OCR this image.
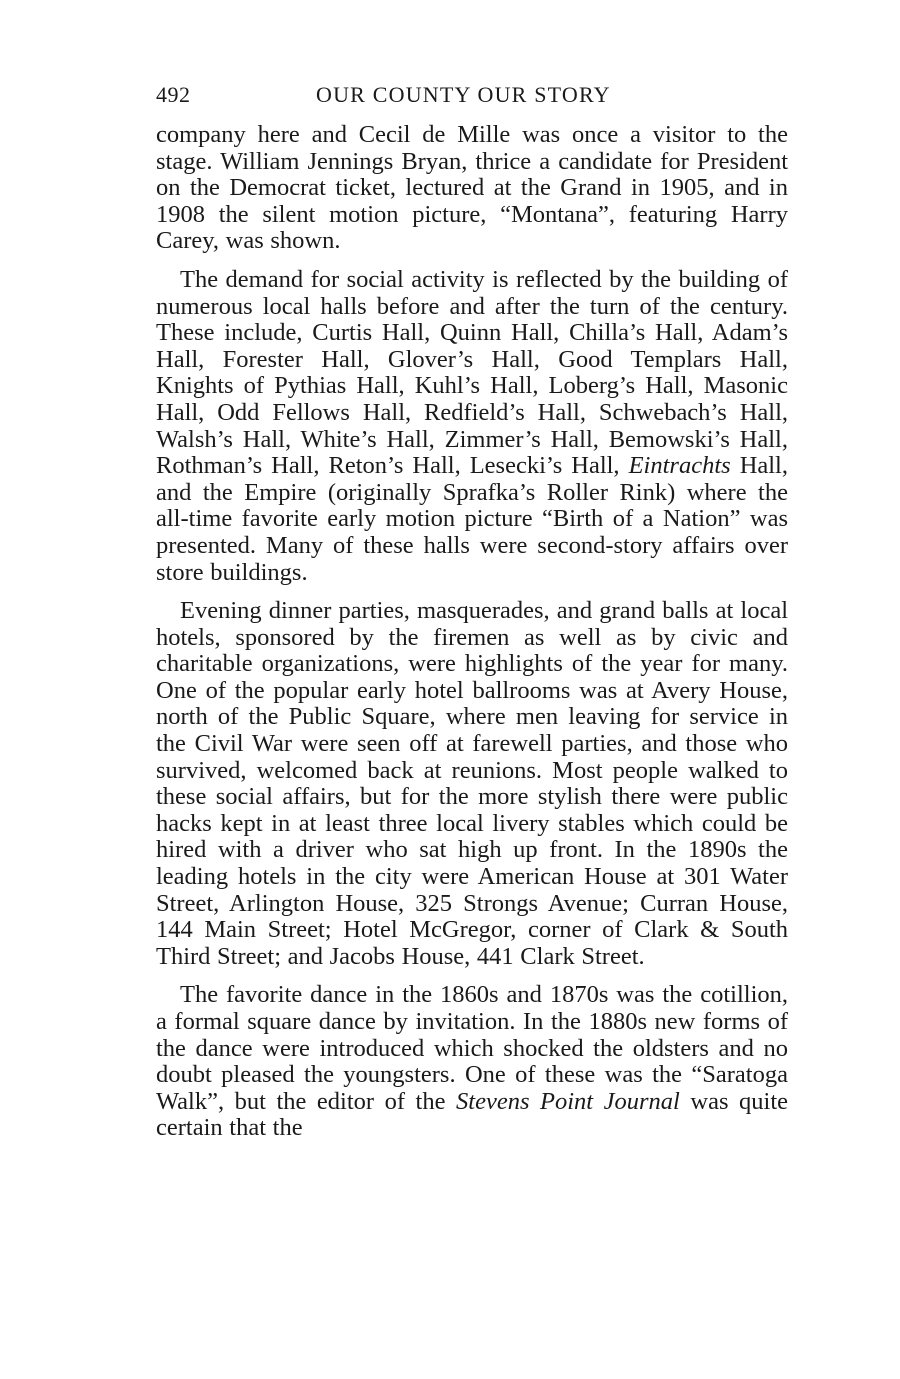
492	OUR COUNTY OUR STORY

company here and Cecil de Mille was once a visitor to the stage. William Jennings Bryan, thrice a candidate for President on the Democrat ticket, lectured at the Grand in 1905, and in 1908 the silent motion picture, “Montana”, featuring Harry Carey, was shown.

The demand for social activity is reflected by the building of numerous local halls before and after the turn of the century. These include, Curtis Hall, Quinn Hall, Chilla’s Hall, Adam’s Hall, Forester Hall, Glover’s Hall, Good Templars Hall, Knights of Pythias Hall, Kuhl’s Hall, Loberg’s Hall, Masonic Hall, Odd Fellows Hall, Redfield’s Hall, Schwebach’s Hall, Walsh’s Hall, White’s Hall, Zimmer’s Hall, Bemowski’s Hall, Rothman’s Hall, Reton’s Hall, Lesecki’s Hall, Eintrachts Hall, and the Empire (originally Sprafka’s Roller Rink) where the all-time favorite early motion picture “Birth of a Nation” was presented. Many of these halls were second-story affairs over store buildings.

Evening dinner parties, masquerades, and grand balls at local hotels, sponsored by the firemen as well as by civic and charitable organizations, were highlights of the year for many. One of the popular early hotel ballrooms was at Avery House, north of the Public Square, where men leaving for service in the Civil War were seen off at farewell parties, and those who survived, welcomed back at reunions. Most people walked to these social affairs, but for the more stylish there were public hacks kept in at least three local livery stables which could be hired with a driver who sat high up front. In the 1890s the leading hotels in the city were American House at 301 Water Street, Arlington House, 325 Strongs Avenue; Curran House, 144 Main Street; Hotel McGregor, corner of Clark & South Third Street; and Jacobs House, 441 Clark Street.

The favorite dance in the 1860s and 1870s was the cotillion, a formal square dance by invitation. In the 1880s new forms of the dance were introduced which shocked the oldsters and no doubt pleased the youngsters. One of these was the “Saratoga Walk”, but the editor of the Stevens Point Journal was quite certain that the
